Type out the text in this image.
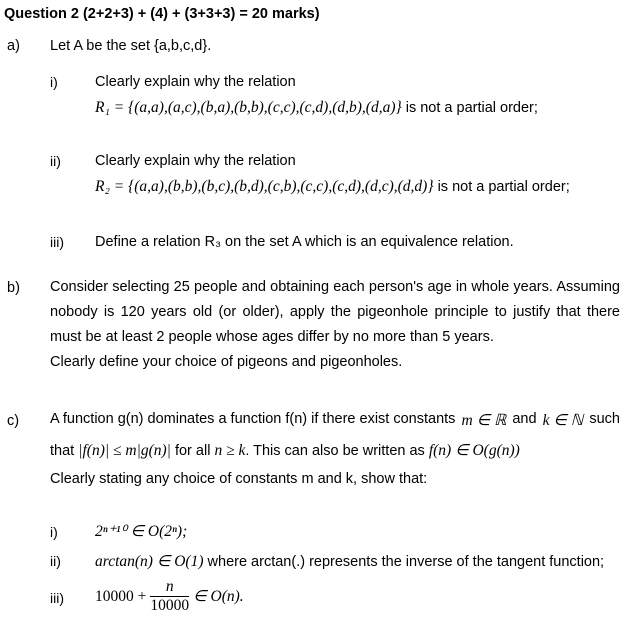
Question 2 (2+2+3) + (4) + (3+3+3) = 20 marks)
a) Let A be the set {a,b,c,d}.
i)	Clearly explain why the relation
R₁ = {(a,a),(a,c),(b,a),(b,b),(c,c),(c,d),(d,b),(d,a)} is not a partial order;
ii) Clearly explain why the relation
R₂ = {(a,a),(b,b),(b,c),(b,d),(c,b),(c,c),(c,d),(d,c),(d,d)} is not a partial order;
iii) Define a relation R₃ on the set A which is an equivalence relation.
b) Consider selecting 25 people and obtaining each person's age in whole years. Assuming nobody is 120 years old (or older), apply the pigeonhole principle to justify that there must be at least 2 people whose ages differ by no more than 5 years.

Clearly define your choice of pigeons and pigeonholes.

c) A function g(n) dominates a function f(n) if there exist constants m ∈ ℝ and k ∈ ℕ such
that |f(n)| ≤ m|g(n)| for all n ≥ k. This can also be written as f(n) ∈ O(g(n))
Clearly stating any choice of constants m and k, show that:
i) 2ⁿ⁺¹⁰ ∈ O(2ⁿ);
ii) arctan(n) ∈ O(1) where arctan(.) represents the inverse of the tangent function;
iii) $10000 + \frac{n}{10000}$ ∈ O(n).
